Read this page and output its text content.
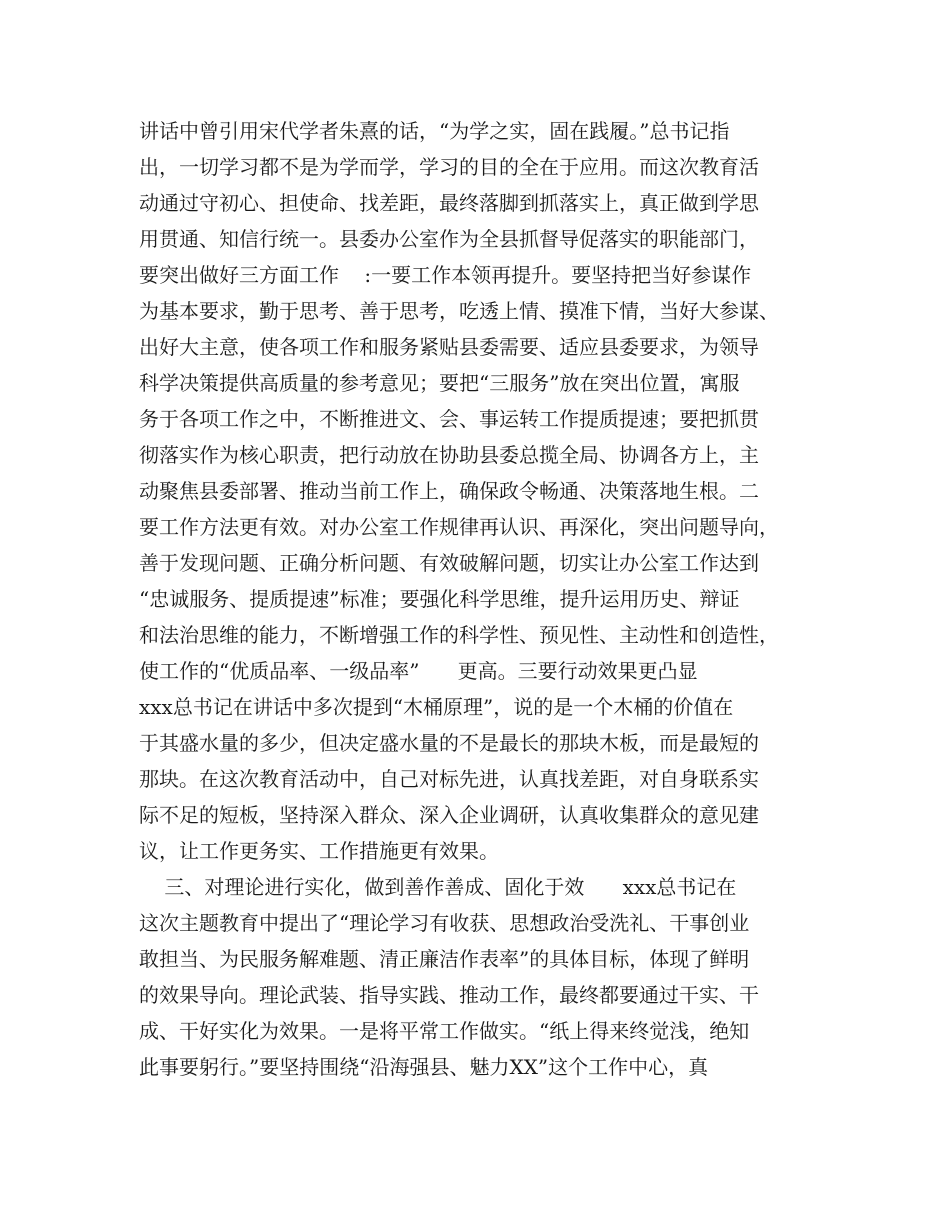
讲话中曾引用宋代学者朱熹的话，“为学之实，固在践履。”总书记指
出，一切学习都不是为学而学，学习的目的全在于应用。而这次教育活
动通过守初心、担使命、找差距，最终落脚到抓落实上，真正做到学思
用贯通、知信行统一。县委办公室作为全县抓督导促落实的职能部门，
要突出做好三方面工作    :一要工作本领再提升。要坚持把当好参谋作
为基本要求，勤于思考、善于思考，吃透上情、摸准下情，当好大参谋、
出好大主意，使各项工作和服务紧贴县委需要、适应县委要求，为领导
科学决策提供高质量的参考意见；要把“三服务”放在突出位置，寓服
务于各项工作之中，不断推进文、会、事运转工作提质提速；要把抓贯
彻落实作为核心职责，把行动放在协助县委总揽全局、协调各方上，主
动聚焦县委部署、推动当前工作上，确保政令畅通、决策落地生根。二
要工作方法更有效。对办公室工作规律再认识、再深化，突出问题导向，
善于发现问题、正确分析问题、有效破解问题，切实让办公室工作达到
“忠诚服务、提质提速”标准；要强化科学思维，提升运用历史、辩证
和法治思维的能力，不断增强工作的科学性、预见性、主动性和创造性，
使工作的“优质品率、一级品率”      更高。三要行动效果更凸显
xxx总书记在讲话中多次提到“木桶原理”，说的是一个木桶的价值在
于其盛水量的多少，但决定盛水量的不是最长的那块木板，而是最短的
那块。在这次教育活动中，自己对标先进，认真找差距，对自身联系实
际不足的短板，坚持深入群众、深入企业调研，认真收集群众的意见建
议，让工作更务实、工作措施更有效果。
三、对理论进行实化，做到善作善成、固化于效      xxx总书记在
这次主题教育中提出了“理论学习有收获、思想政治受洗礼、干事创业
敢担当、为民服务解难题、清正廉洁作表率”的具体目标，体现了鲜明
的效果导向。理论武装、指导实践、推动工作，最终都要通过干实、干
成、干好实化为效果。一是将平常工作做实。“纸上得来终觉浅，绝知
此事要躬行。”要坚持围绕“沿海强县、魅力XX”这个工作中心，真
